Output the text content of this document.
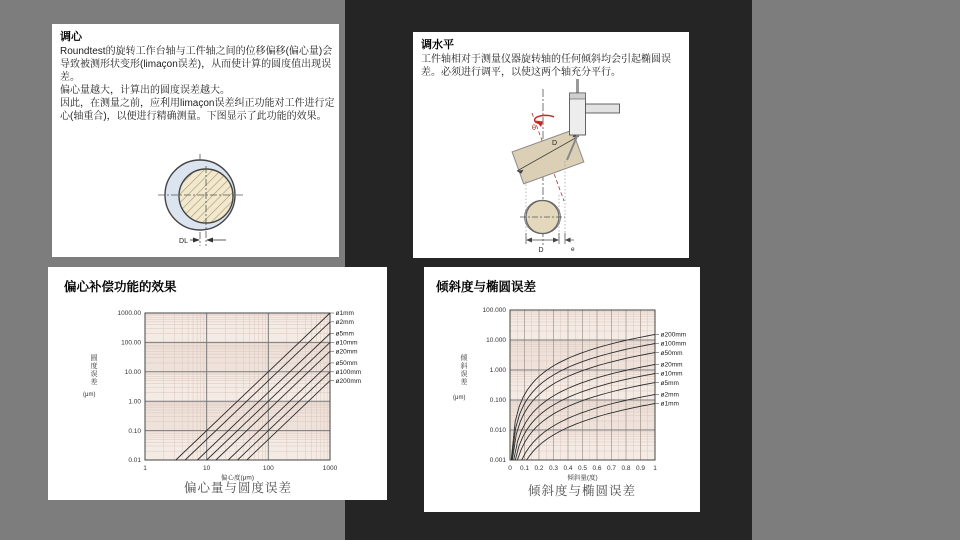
调心

Roundtest的旋转工作台轴与工件轴之间的位移偏移(偏心量)会导致被测形状变形(limaçon误差)，从而使计算的圆度值出现误差。

偏心量越大，计算出的圆度误差越大。

因此，在测量之前，应利用limaçon误差纠正功能对工件进行定心(轴重合)，以便进行精确测量。下图显示了此功能的效果。

DL
调水平

工件轴相对于测量仪器旋转轴的任何倾斜均会引起椭圆误差。必须进行调平，以使这两个轴充分平行。

θ
D
D	e
偏心补偿功能的效果
ø1mm
ø2mm
ø5mm
ø10mm
ø20mm
ø50mm
ø100mm
ø200mm
1000.00
100.00
10.00
1.00
0.10
0.01
1	10	100	1000
偏心度(μm)
圆度误差
(μm)
偏心量与圆度误差
倾斜度与椭圆误差
ø200mm
ø100mm
ø50mm
ø20mm
ø10mm
ø5mm
ø2mm
ø1mm
100.000
10.000
1.000
0.100
0.010
0.001
0 0.1 0.2 0.3 0.4 0.5 0.6 0.7 0.8 0.9 1
倾斜量(度)
倾斜误差
(μm)
倾斜度与椭圆误差
